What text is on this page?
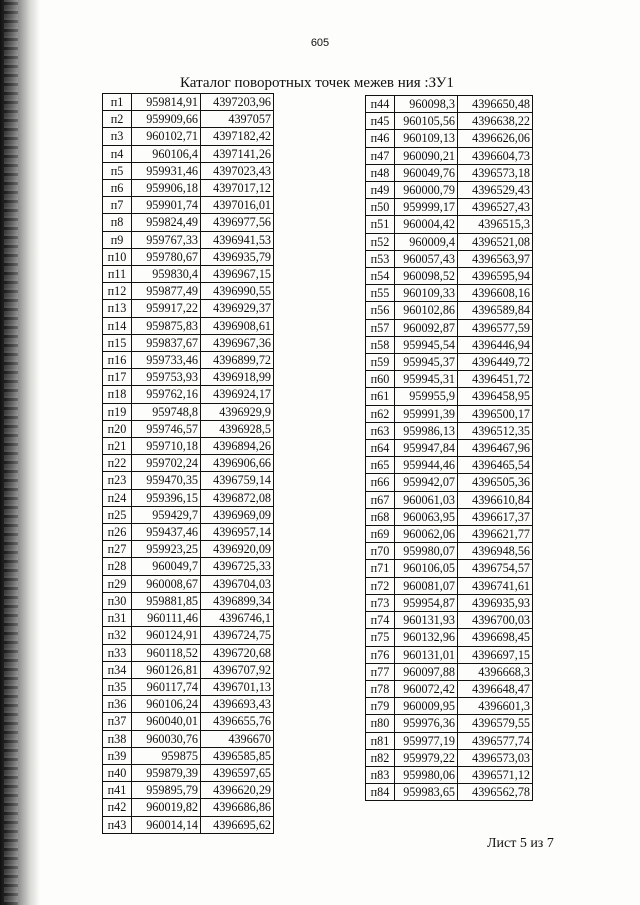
605
Каталог поворотных точек межев ния :ЗУ1
п1	959814,91	4397203,96
п2	959909,66	4397057
п3	960102,71	4397182,42
п4	960106,4	4397141,26
п5	959931,46	4397023,43
п6	959906,18	4397017,12
п7	959901,74	4397016,01
п8	959824,49	4396977,56
п9	959767,33	4396941,53
п10	959780,67	4396935,79
п11	959830,4	4396967,15
п12	959877,49	4396990,55
п13	959917,22	4396929,37
п14	959875,83	4396908,61
п15	959837,67	4396967,36
п16	959733,46	4396899,72
п17	959753,93	4396918,99
п18	959762,16	4396924,17
п19	959748,8	4396929,9
п20	959746,57	4396928,5
п21	959710,18	4396894,26
п22	959702,24	4396906,66
п23	959470,35	4396759,14
п24	959396,15	4396872,08
п25	959429,7	4396969,09
п26	959437,46	4396957,14
п27	959923,25	4396920,09
п28	960049,7	4396725,33
п29	960008,67	4396704,03
п30	959881,85	4396899,34
п31	960111,46	4396746,1
п32	960124,91	4396724,75
п33	960118,52	4396720,68
п34	960126,81	4396707,92
п35	960117,74	4396701,13
п36	960106,24	4396693,43
п37	960040,01	4396655,76
п38	960030,76	4396670
п39	959875	4396585,85
п40	959879,39	4396597,65
п41	959895,79	4396620,29
п42	960019,82	4396686,86
п43	960014,14	4396695,62
п44	960098,3	4396650,48
п45	960105,56	4396638,22
п46	960109,13	4396626,06
п47	960090,21	4396604,73
п48	960049,76	4396573,18
п49	960000,79	4396529,43
п50	959999,17	4396527,43
п51	960004,42	4396515,3
п52	960009,4	4396521,08
п53	960057,43	4396563,97
п54	960098,52	4396595,94
п55	960109,33	4396608,16
п56	960102,86	4396589,84
п57	960092,87	4396577,59
п58	959945,54	4396446,94
п59	959945,37	4396449,72
п60	959945,31	4396451,72
п61	959955,9	4396458,95
п62	959991,39	4396500,17
п63	959986,13	4396512,35
п64	959947,84	4396467,96
п65	959944,46	4396465,54
п66	959942,07	4396505,36
п67	960061,03	4396610,84
п68	960063,95	4396617,37
п69	960062,06	4396621,77
п70	959980,07	4396948,56
п71	960106,05	4396754,57
п72	960081,07	4396741,61
п73	959954,87	4396935,93
п74	960131,93	4396700,03
п75	960132,96	4396698,45
п76	960131,01	4396697,15
п77	960097,88	4396668,3
п78	960072,42	4396648,47
п79	960009,95	4396601,3
п80	959976,36	4396579,55
п81	959977,19	4396577,74
п82	959979,22	4396573,03
п83	959980,06	4396571,12
п84	959983,65	4396562,78
Лист 5 из 7
